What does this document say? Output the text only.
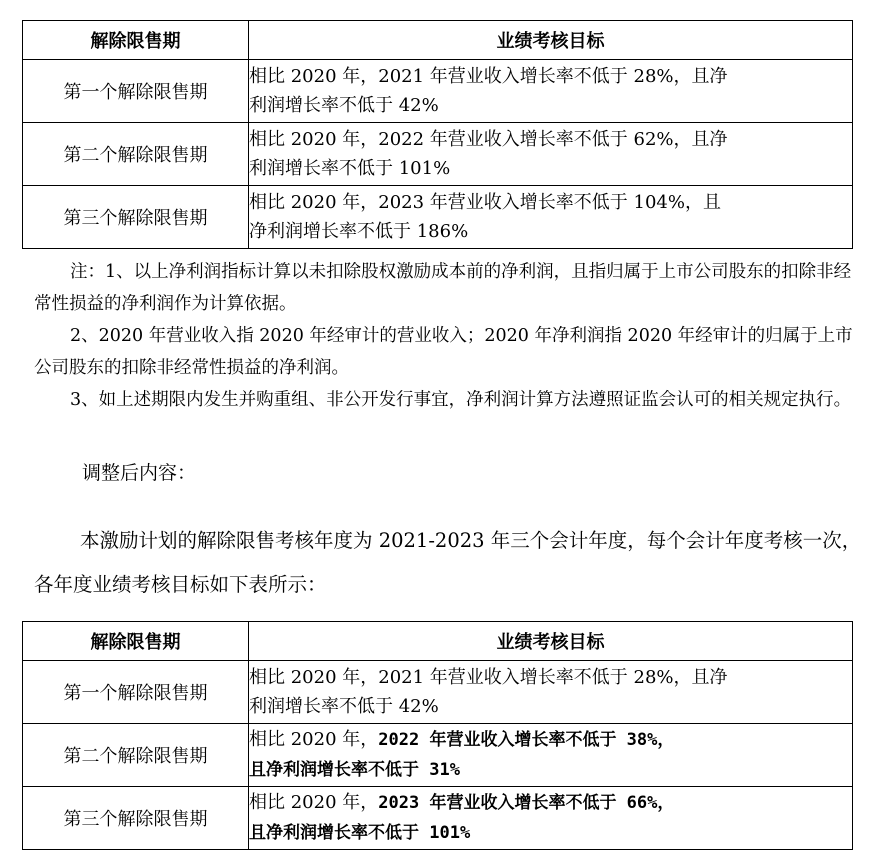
解除限售期	业绩考核目标
第一个解除限售期	相比 2020 年，2021 年营业收入增长率不低于 28%，且净
利润增长率不低于 42%
第二个解除限售期	相比 2020 年，2022 年营业收入增长率不低于 62%，且净
利润增长率不低于 101%
第三个解除限售期	相比 2020 年，2023 年营业收入增长率不低于 104%，且
净利润增长率不低于 186%

注：1、以上净利润指标计算以未扣除股权激励成本前的净利润，且指归属于上市公司股东的扣除非经常性损益的净利润作为计算依据。

2、2020 年营业收入指 2020 年经审计的营业收入；2020 年净利润指 2020 年经审计的归属于上市公司股东的扣除非经常性损益的净利润。

3、如上述期限内发生并购重组、非公开发行事宜，净利润计算方法遵照证监会认可的相关规定执行。

调整后内容：

本激励计划的解除限售考核年度为 2021-2023 年三个会计年度，每个会计年度考核一次，各年度业绩考核目标如下表所示：

解除限售期	业绩考核目标
第一个解除限售期	相比 2020 年，2021 年营业收入增长率不低于 28%，且净
利润增长率不低于 42%
第二个解除限售期	相比 2020 年，2022 年营业收入增长率不低于 38%，
且净利润增长率不低于 31%
第三个解除限售期	相比 2020 年，2023 年营业收入增长率不低于 66%，
且净利润增长率不低于 101%
